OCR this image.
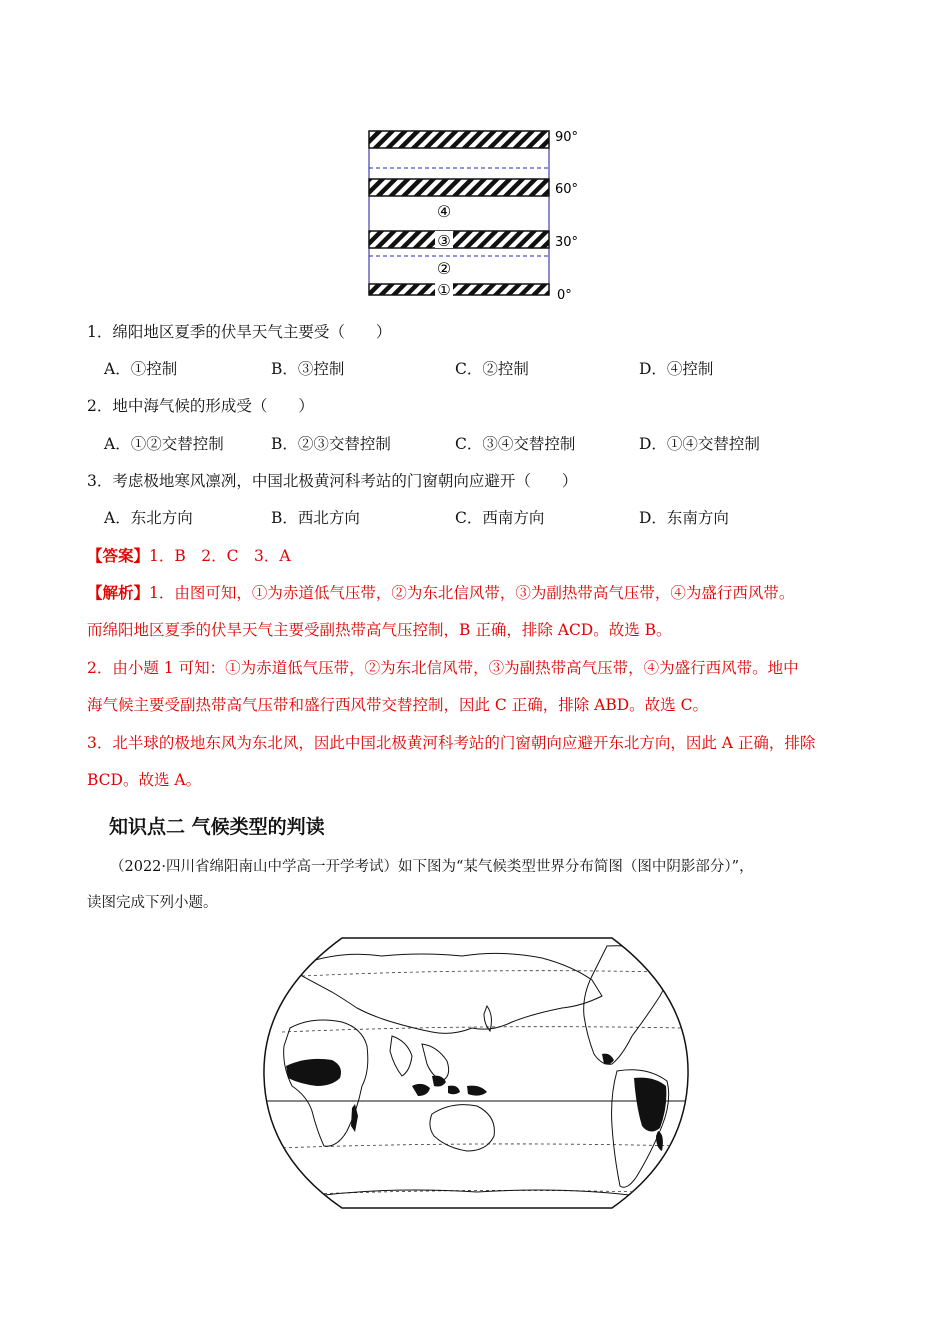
④
③
②
①
90°
60°
30°
0°
1．绵阳地区夏季的伏旱天气主要受（　　）
A．①控制	B．③控制	C．②控制	D．④控制
2．地中海气候的形成受（　　）
A．①②交替控制	B．②③交替控制	C．③④交替控制	D．①④交替控制
3．考虑极地寒风凛冽，中国北极黄河科考站的门窗朝向应避开（　　）
A．东北方向	B．西北方向	C．西南方向	D．东南方向
【答案】1．B　2．C　3．A
【解析】1．由图可知，①为赤道低气压带，②为东北信风带，③为副热带高气压带，④为盛行西风带。
而绵阳地区夏季的伏旱天气主要受副热带高气压控制，B 正确，排除 ACD。故选 B。
2．由小题 1 可知：①为赤道低气压带，②为东北信风带，③为副热带高气压带，④为盛行西风带。地中
海气候主要受副热带高气压带和盛行西风带交替控制，因此 C 正确，排除 ABD。故选 C。
3．北半球的极地东风为东北风，因此中国北极黄河科考站的门窗朝向应避开东北方向，因此 A 正确，排除
BCD。故选 A。
知识点二 气候类型的判读
（2022·四川省绵阳南山中学高一开学考试）如下图为“某气候类型世界分布简图（图中阴影部分）”，
读图完成下列小题。
